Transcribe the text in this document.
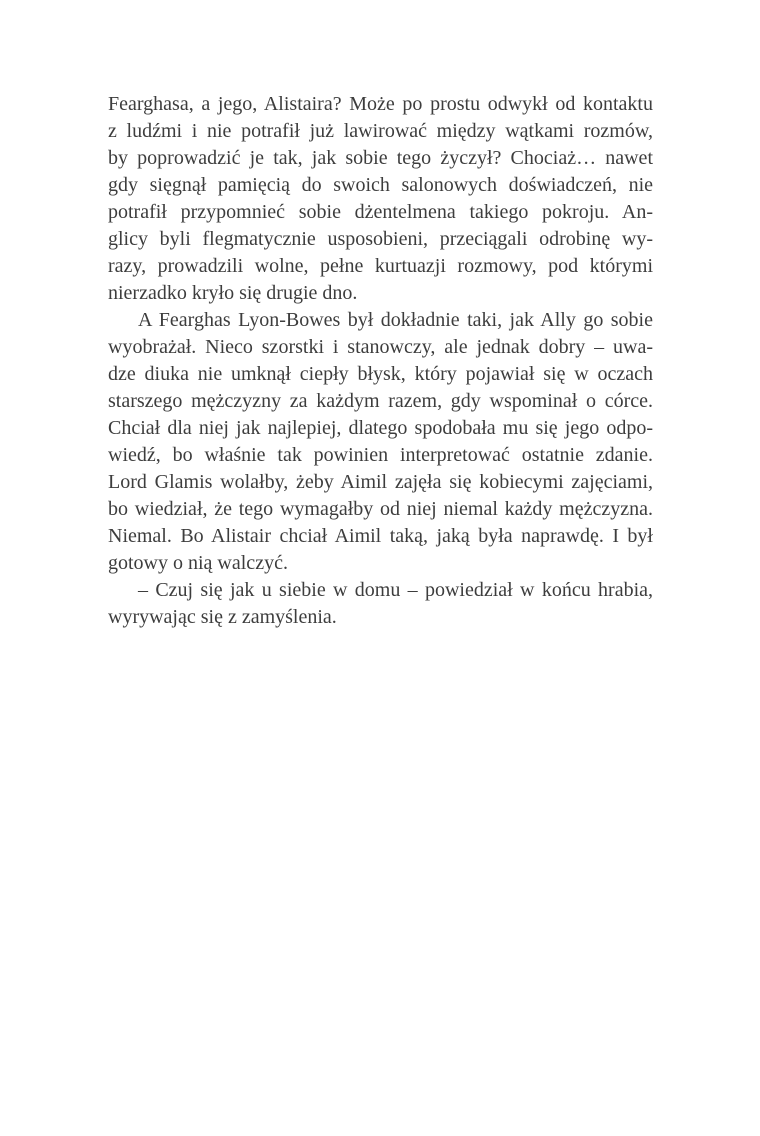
Fearghasa, a jego, Alistaira? Może po prostu odwykł od kontaktu
z ludźmi i nie potrafił już lawirować między wątkami rozmów,
by poprowadzić je tak, jak sobie tego życzył? Chociaż… nawet
gdy sięgnął pamięcią do swoich salonowych doświadczeń, nie
potrafił przypomnieć sobie dżentelmena takiego pokroju. An-
glicy byli flegmatycznie usposobieni, przeciągali odrobinę wy-
razy, prowadzili wolne, pełne kurtuazji rozmowy, pod którymi
nierzadko kryło się drugie dno.
A Fearghas Lyon-Bowes był dokładnie taki, jak Ally go sobie
wyobrażał. Nieco szorstki i stanowczy, ale jednak dobry – uwa-
dze diuka nie umknął ciepły błysk, który pojawiał się w oczach
starszego mężczyzny za każdym razem, gdy wspominał o córce.
Chciał dla niej jak najlepiej, dlatego spodobała mu się jego odpo-
wiedź, bo właśnie tak powinien interpretować ostatnie zdanie.
Lord Glamis wolałby, żeby Aimil zajęła się kobiecymi zajęciami,
bo wiedział, że tego wymagałby od niej niemal każdy mężczyzna.
Niemal. Bo Alistair chciał Aimil taką, jaką była naprawdę. I był
gotowy o nią walczyć.
– Czuj się jak u siebie w domu – powiedział w końcu hrabia,
wyrywając się z zamyślenia.
